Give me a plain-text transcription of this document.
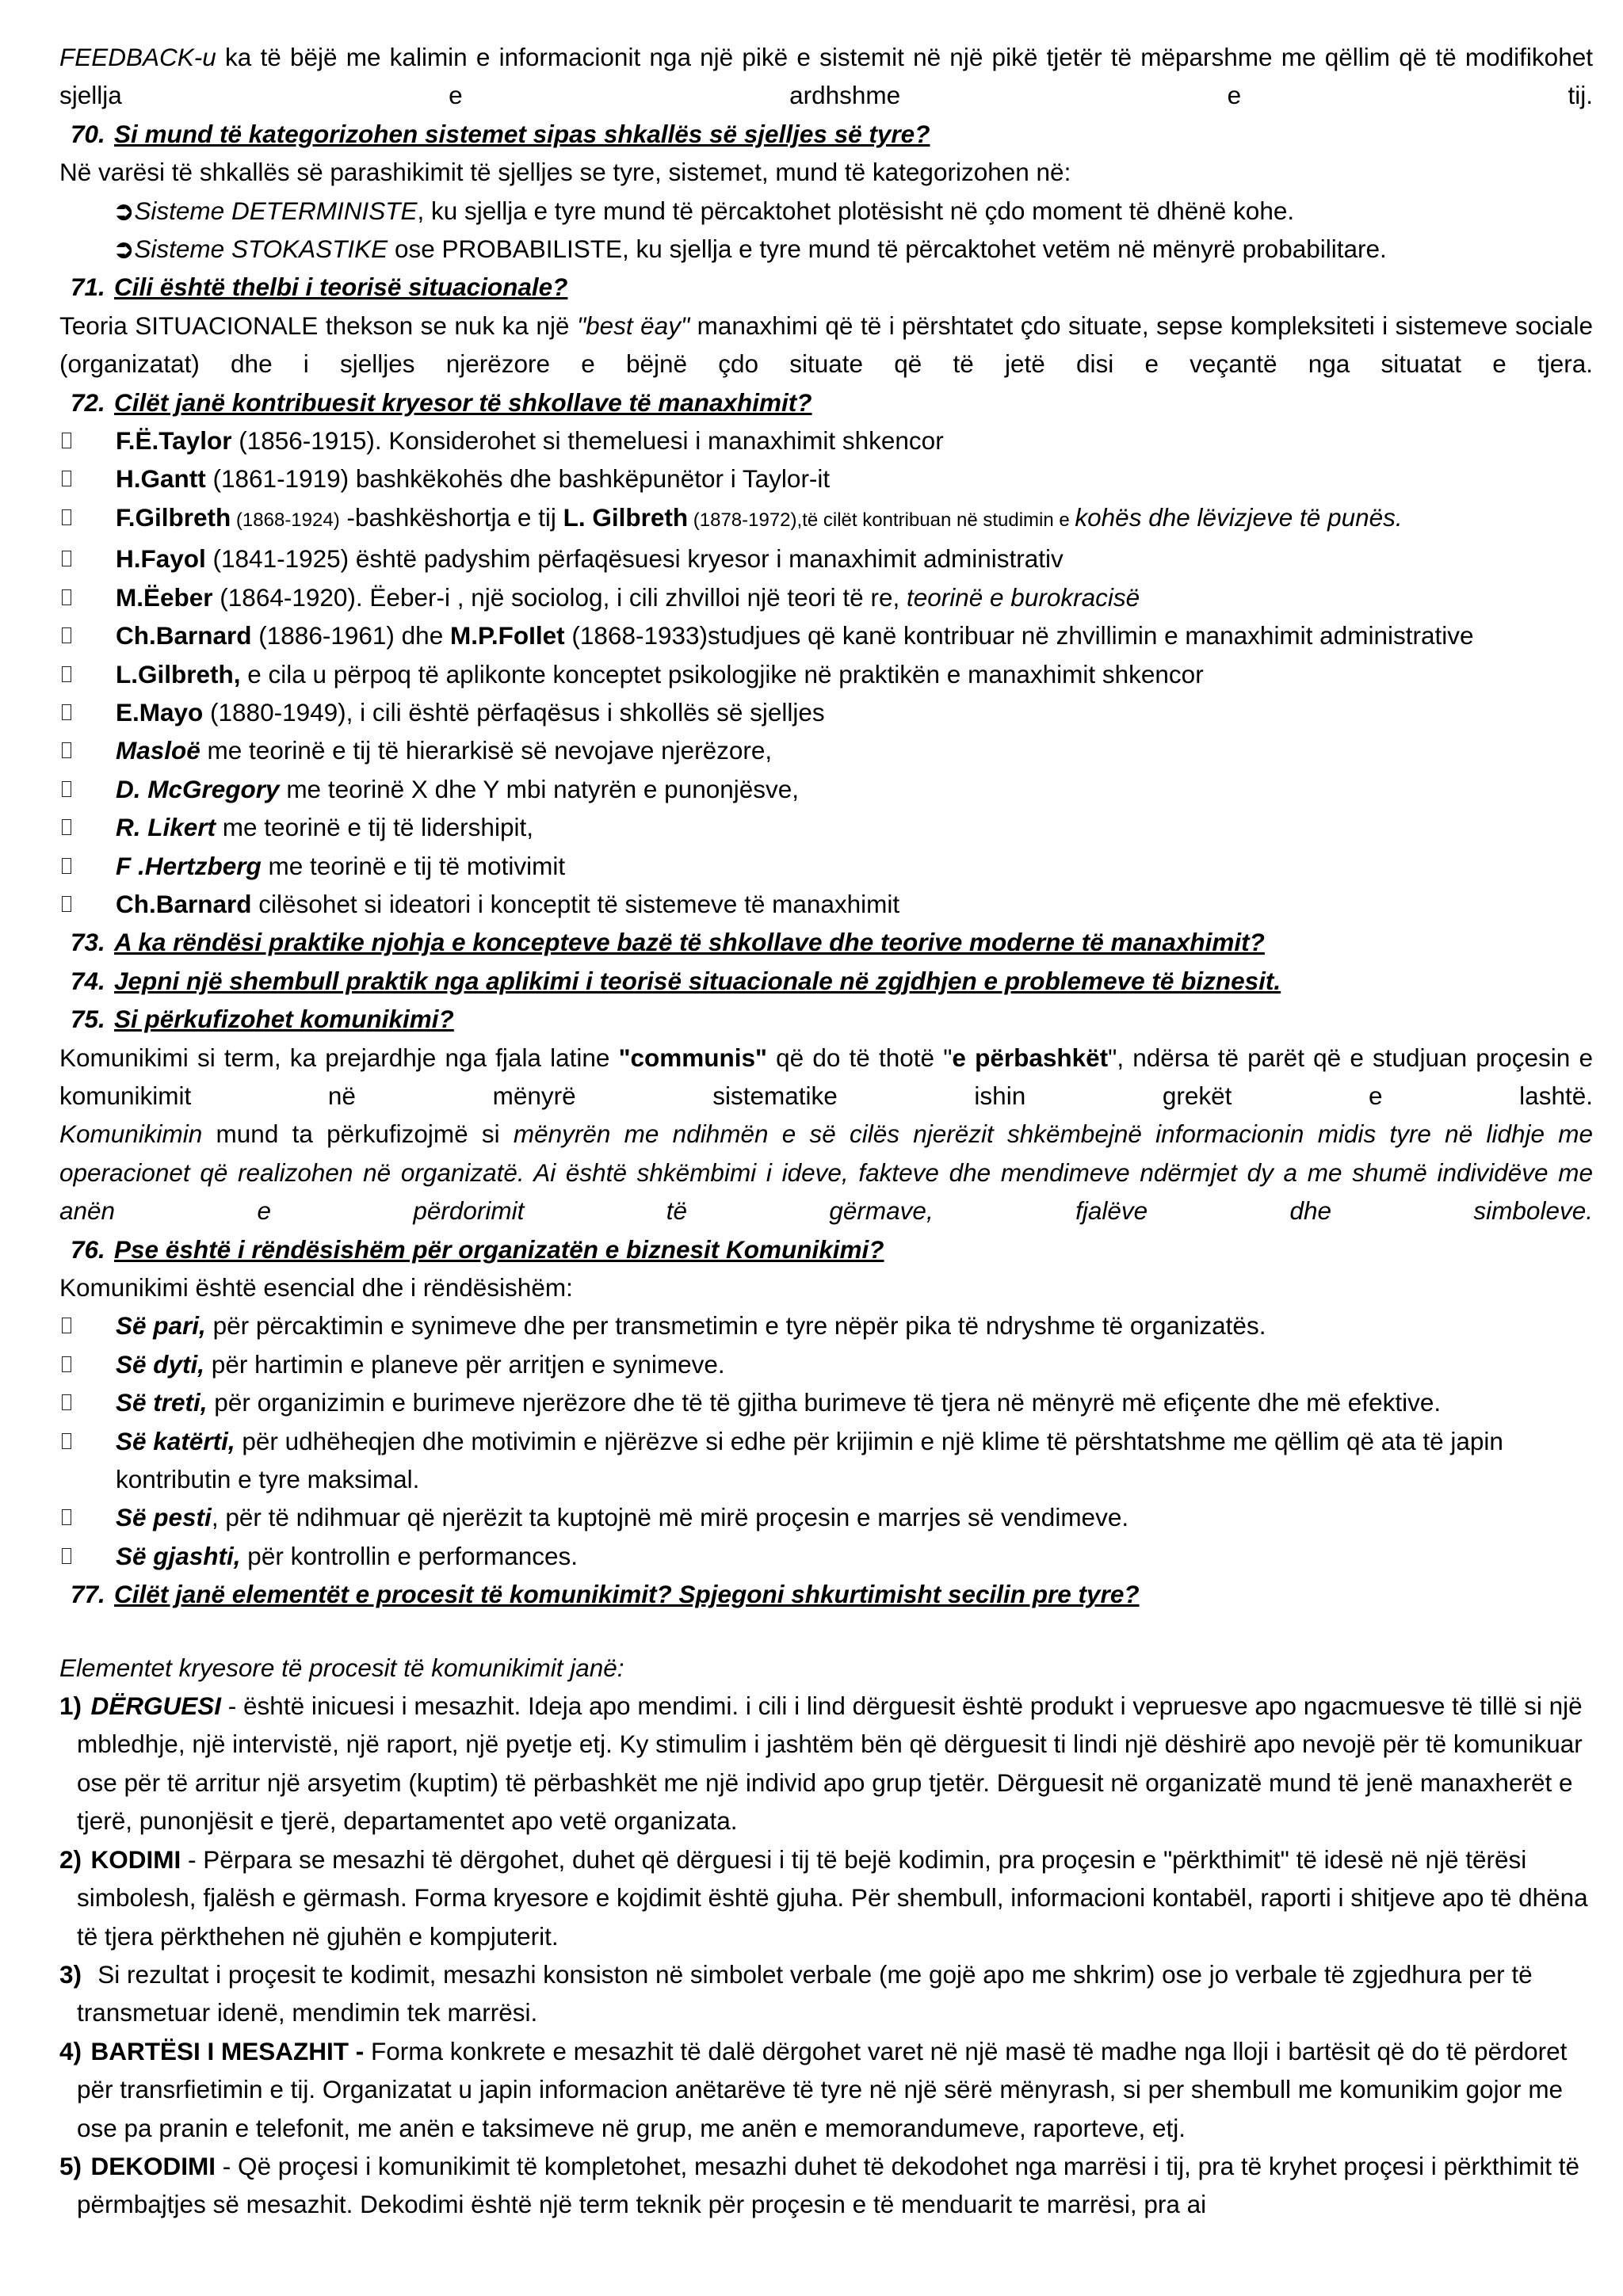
FEEDBACK-u ka të bëjë me kalimin e informacionit nga një pikë e sistemit në një pikë tjetër të mëparshme me qëllim që të modifikohet sjellja e ardhshme e tij.

70. Si mund të kategorizohen sistemet sipas shkallës së sjelljes së tyre?

Në varësi të shkallës së parashikimit të sjelljes se tyre, sistemet, mund të kategorizohen në:

➲Sisteme DETERMINISTE, ku sjellja e tyre mund të përcaktohet plotësisht në çdo moment të dhënë kohe.

➲Sisteme STOKASTIKE ose PROBABILISTE, ku sjellja e tyre mund të përcaktohet vetëm në mënyrë probabilitare.

71. Cili është thelbi i teorisë situacionale?

Teoria SITUACIONALE thekson se nuk ka një "best ëay" manaxhimi që të i përshtatet çdo situate, sepse kompleksiteti i sistemeve sociale (organizatat) dhe i sjelljes njerëzore e bëjnë çdo situate që të jetë disi e veçantë nga situatat e tjera.

72. Cilët janë kontribuesit kryesor të shkollave të manaxhimit?

F.Ë.Taylor (1856-1915). Konsiderohet si themeluesi i manaxhimit shkencor
H.Gantt (1861-1919) bashkëkohës dhe bashkëpunëtor i Taylor-it
F.Gilbreth (1868-1924) -bashkëshortja e tij L. Gilbreth (1878-1972),të cilët kontribuan në studimin e kohës dhe lëvizjeve të punës.
H.Fayol (1841-1925) është padyshim përfaqësuesi kryesor i manaxhimit administrativ
M.Ëeber (1864-1920). Ëeber-i , një sociolog, i cili zhvilloi një teori të re, teorinë e burokracisë
Ch.Barnard (1886-1961) dhe M.P.FoIlet (1868-1933)studjues që kanë kontribuar në zhvillimin e manaxhimit administrative
L.Gilbreth, e cila u përpoq të aplikonte konceptet psikologjike në praktikën e manaxhimit shkencor
E.Mayo (1880-1949), i cili është përfaqësus i shkollës së sjelljes
Masloë me teorinë e tij të hierarkisë së nevojave njerëzore,
D. McGregory me teorinë X dhe Y mbi natyrën e punonjësve,
R. Likert me teorinë e tij të lidershipit,
F .Hertzberg me teorinë e tij të motivimit
Ch.Barnard cilësohet si ideatori i konceptit të sistemeve të manaxhimit

73. A ka rëndësi praktike njohja e koncepteve bazë të shkollave dhe teorive moderne të manaxhimit?

74. Jepni një shembull praktik nga aplikimi i teorisë situacionale në zgjdhjen e problemeve të biznesit.

75. Si përkufizohet komunikimi?

Komunikimi si term, ka prejardhje nga fjala latine "communis" që do të thotë "e përbashkët", ndërsa të parët që e studjuan proçesin e komunikimit në mënyrë sistematike ishin grekët e lashtë.

Komunikimin mund ta përkufizojmë si mënyrën me ndihmën e së cilës njerëzit shkëmbejnë informacionin midis tyre në lidhje me operacionet që realizohen në organizatë. Ai është shkëmbimi i ideve, fakteve dhe mendimeve ndërmjet dy a me shumë individëve me anën e përdorimit të gërmave, fjalëve dhe simboleve.

76. Pse është i rëndësishëm për organizatën e biznesit Komunikimi?

Komunikimi është esencial dhe i rëndësishëm:

Së pari, për përcaktimin e synimeve dhe per transmetimin e tyre nëpër pika të ndryshme të organizatës.
Së dyti, për hartimin e planeve për arritjen e synimeve.
Së treti, për organizimin e burimeve njerëzore dhe të të gjitha burimeve të tjera në mënyrë më efiçente dhe më efektive.
Së katërti, për udhëheqjen dhe motivimin e njërëzve si edhe për krijimin e një klime të përshtatshme me qëllim që ata të japin kontributin e tyre maksimal.
Së pesti, për të ndihmuar që njerëzit ta kuptojnë më mirë proçesin e marrjes së vendimeve.
Së gjashti, për kontrollin e performances.

77. Cilët janë elementët e procesit të komunikimit? Spjegoni shkurtimisht secilin pre tyre?

Elementet kryesore të procesit të komunikimit janë:

1) DËRGUESI - është inicuesi i mesazhit. Ideja apo mendimi. i cili i lind dërguesit është produkt i vepruesve apo ngacmuesve të tillë si një mbledhje, një intervistë, një raport, një pyetje etj. Ky stimulim i jashtëm bën që dërguesit ti lindi një dëshirë apo nevojë për të komunikuar ose për të arritur një arsyetim (kuptim) të përbashkët me një individ apo grup tjetër. Dërguesit në organizatë mund të jenë manaxherët e tjerë, punonjësit e tjerë, departamentet apo vetë organizata.
2) KODIMI - Përpara se mesazhi të dërgohet, duhet që dërguesi i tij të bejë kodimin, pra proçesin e "përkthimit" të idesë në një tërësi simbolesh, fjalësh e gërmash. Forma kryesore e kojdimit është gjuha. Për shembull, informacioni kontabël, raporti i shitjeve apo të dhëna të tjera përkthehen në gjuhën e kompjuterit.
3) Si rezultat i proçesit te kodimit, mesazhi konsiston në simbolet verbale (me gojë apo me shkrim) ose jo verbale të zgjedhura per të transmetuar idenë, mendimin tek marrësi.
4) BARTËSI I MESAZHIT - Forma konkrete e mesazhit të dalë dërgohet varet në një masë të madhe nga lloji i bartësit që do të përdoret për transrfietimin e tij. Organizatat u japin informacion anëtarëve të tyre në një sërë mënyrash, si per shembull me komunikim gojor me ose pa pranin e telefonit, me anën e taksimeve në grup, me anën e memorandumeve, raporteve, etj.
5) DEKODIMI - Që proçesi i komunikimit të kompletohet, mesazhi duhet të dekodohet nga marrësi i tij, pra të kryhet proçesi i përkthimit të përmbajtjes së mesazhit. Dekodimi është një term teknik për proçesin e të menduarit te marrësi, pra ai
